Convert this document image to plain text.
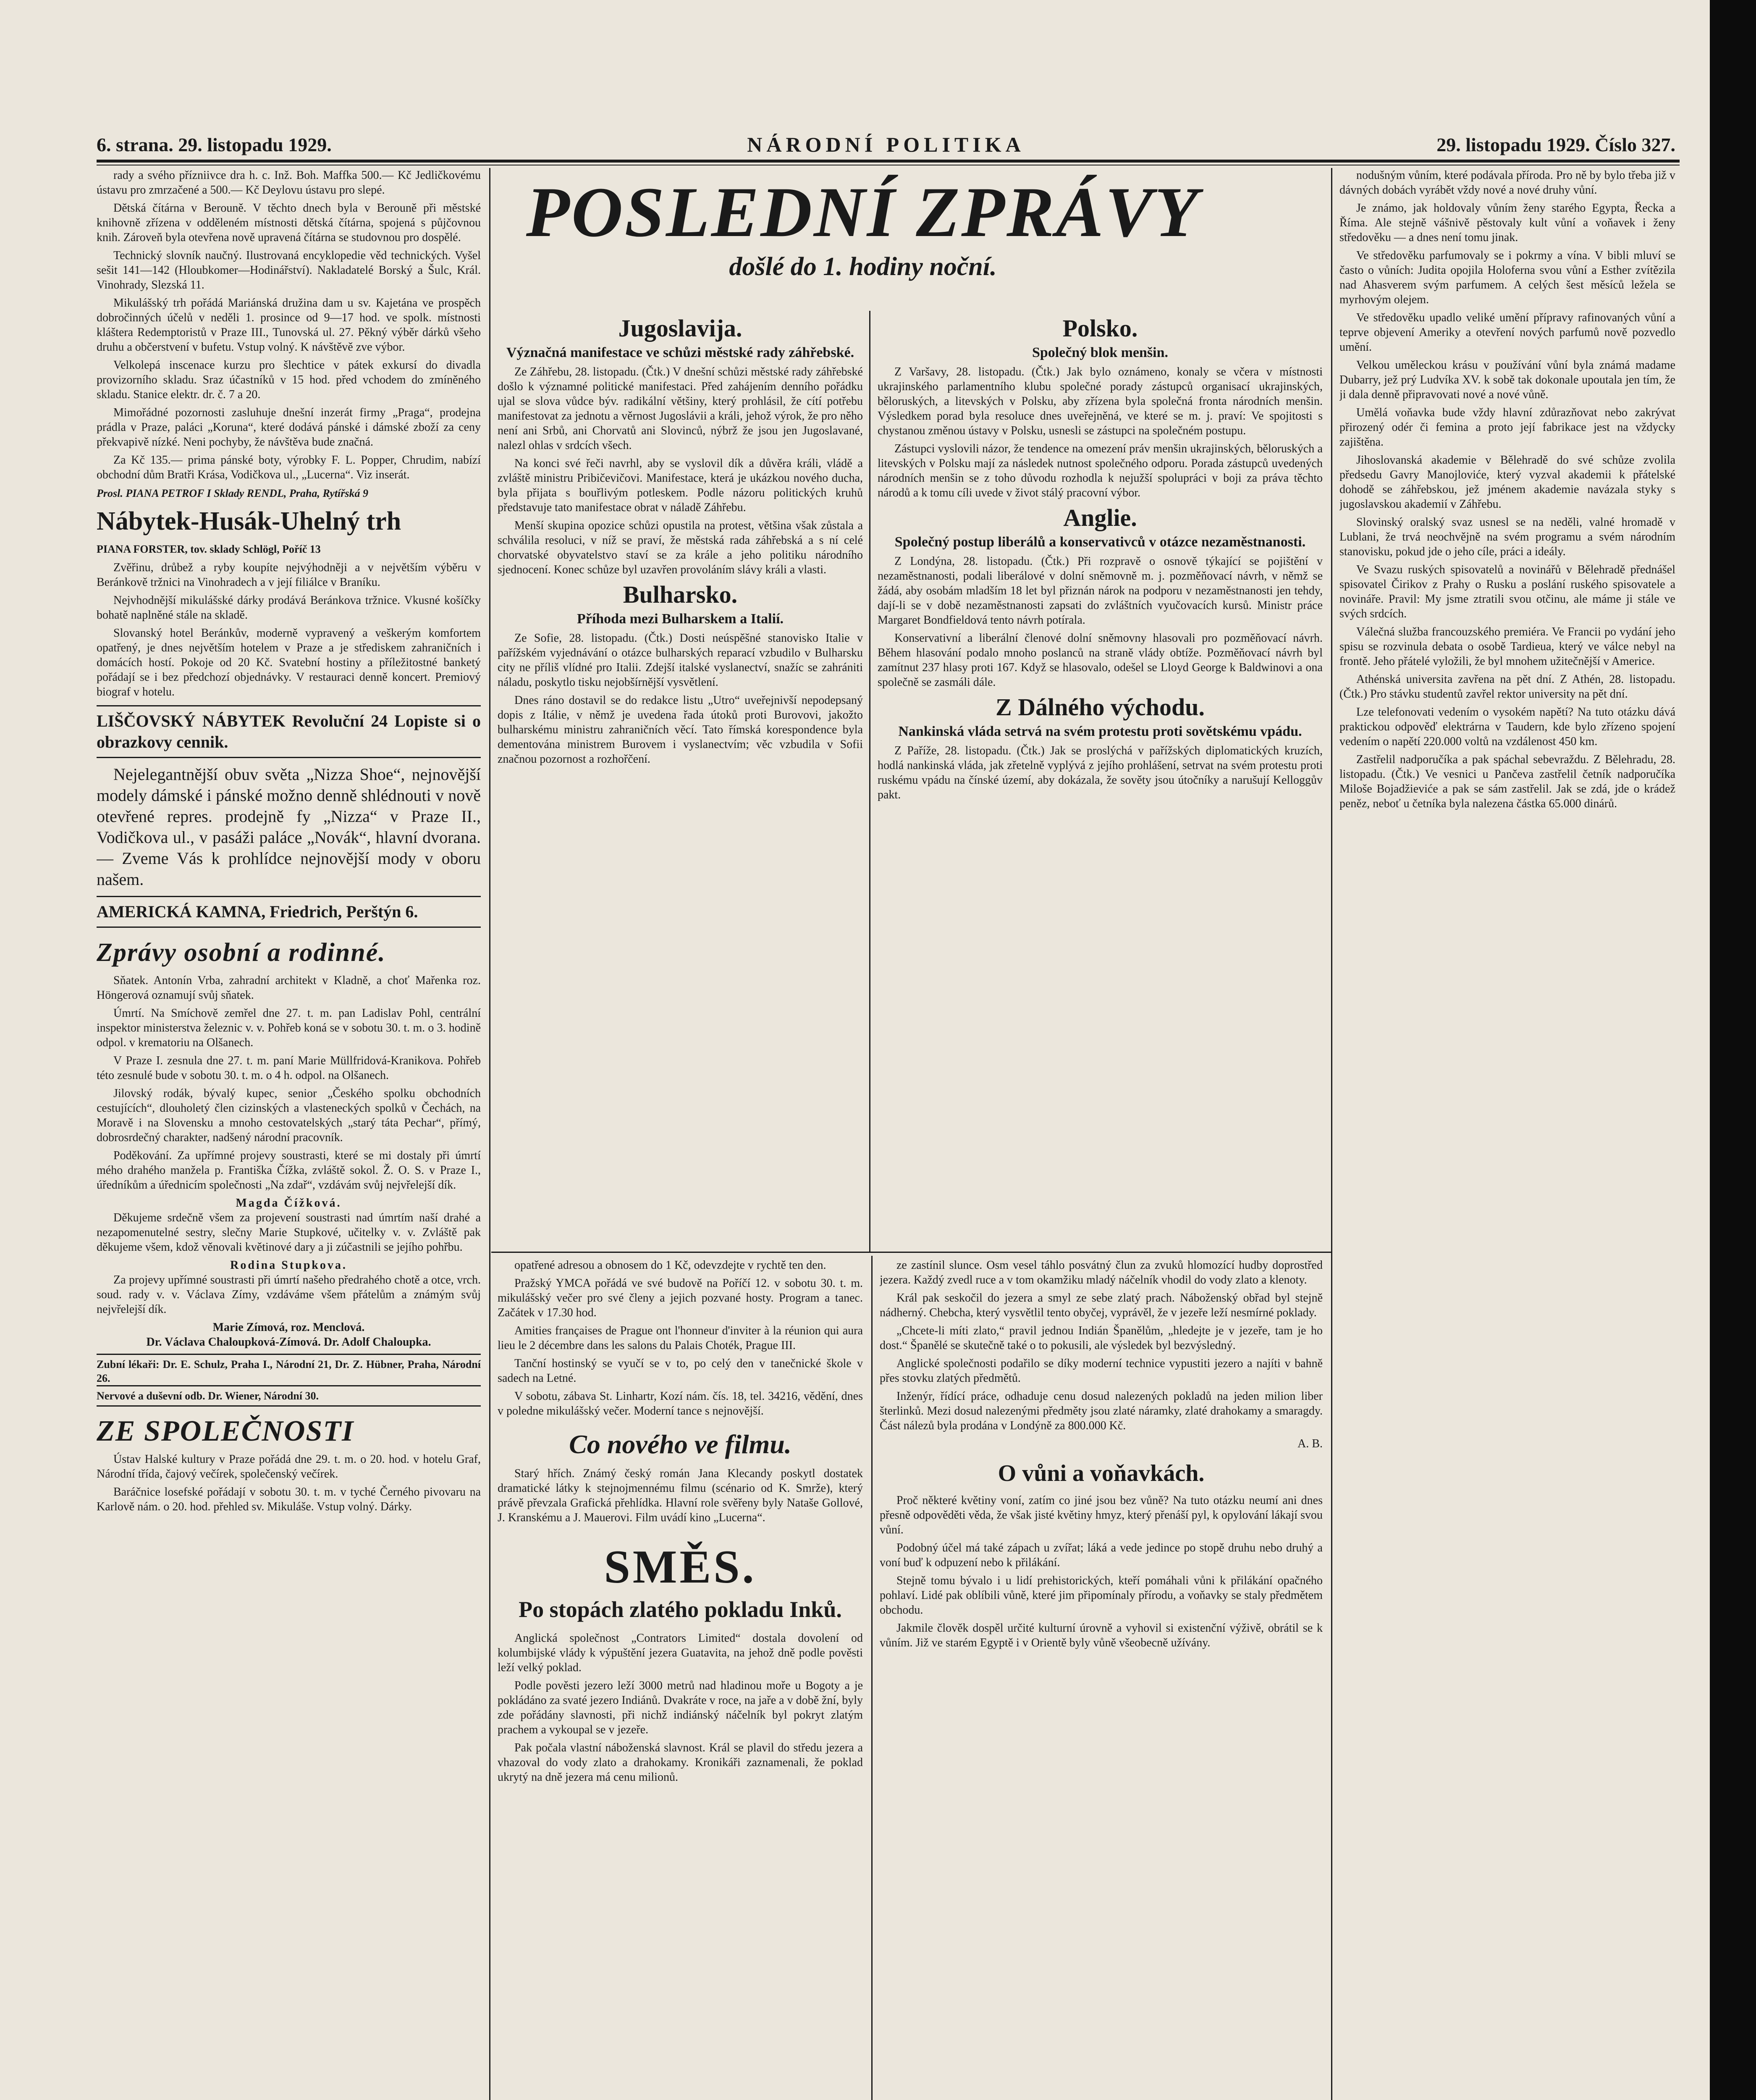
6. strana. 29. listopadu 1929.	NÁRODNÍ POLITIKA	29. listopadu 1929. Číslo 327.
POSLEDNÍ ZPRÁVY
došlé do 1. hodiny noční.

rady a svého přízniivce dra h. c. Inž. Boh. Maffka 500.— Kč Jedličkovému ústavu pro zmrzačené a 500.— Kč Deylovu ústavu pro slepé.

Dětská čítárna v Berouně. V těchto dnech byla v Berouně při městské knihovně zřízena v odděleném místnosti dětská čítárna, spojená s půjčovnou knih. Zároveň byla otevřena nově upravená čítárna se studovnou pro dospělé.

Technický slovník naučný. Ilustrovaná encyklopedie věd technických. Vyšel sešit 141—142 (Hloubkomer—Hodinářství). Nakladatelé Borský a Šulc, Král. Vinohrady, Slezská 11.

Mikulášský trh pořádá Mariánská družina dam u sv. Kajetána ve prospěch dobročinných účelů v neděli 1. prosince od 9—17 hod. ve spolk. místnosti kláštera Redemptoristů v Praze III., Tunovská ul. 27. Pěkný výběr dárků všeho druhu a občerstvení v bufetu. Vstup volný. K návštěvě zve výbor.

Velkolepá inscenace kurzu pro šlechtice v pátek exkursí do divadla provizorního skladu. Sraz účastníků v 15 hod. před vchodem do zmíněného skladu. Stanice elektr. dr. č. 7 a 20.

Mimořádné pozornosti zasluhuje dnešní inzerát firmy „Praga“, prodejna prádla v Praze, paláci „Koruna“, které dodává pánské i dámské zboží za ceny překvapivě nízké. Neni pochyby, že návštěva bude značná.

Za Kč 135.— prima pánské boty, výrobky F. L. Popper, Chrudim, nabízí obchodní dům Bratři Krása, Vodičkova ul., „Lucerna“. Viz inserát.

Prosl. PIANA PETROF I Sklady RENDL, Praha, Rytířská 9
Nábytek-Husák-Uhelný trh
PIANA FORSTER, tov. sklady Schlögl, Poříč 13

Zvěřinu, drůbež a ryby koupíte nejvýhodněji a v největším výběru v Beránkově tržnici na Vinohradech a v její filiálce v Braníku.

Nejvhodnější mikulášské dárky prodává Beránkova tržnice. Vkusné košíčky bohatě naplněné stále na skladě.

Slovanský hotel Beránkův, moderně vypravený a veškerým komfortem opatřený, je dnes největším hotelem v Praze a je střediskem zahraničních i domácích hostí. Pokoje od 20 Kč. Svatební hostiny a příležitostné banketý pořádají se i bez předchozí objednávky. V restauraci denně koncert. Premiový biograf v hotelu.

LIŠČOVSKÝ NÁBYTEK Revoluční 24 Lopiste si o obrazkovy cennik.

Nejelegantnější obuv světa „Nizza Shoe“, nejnovější modely dámské i pánské možno denně shlédnouti v nově otevřené repres. prodejně fy „Nizza“ v Praze II., Vodičkova ul., v pasáži paláce „Novák“, hlavní dvorana. — Zveme Vás k prohlídce nejnovější mody v oboru našem.

AMERICKÁ KAMNA, Friedrich, Perštýn 6.
Zprávy osobní a rodinné.

Sňatek. Antonín Vrba, zahradní architekt v Kladně, a choť Mařenka roz. Höngerová oznamují svůj sňatek.

Úmrtí. Na Smíchově zemřel dne 27. t. m. pan Ladislav Pohl, centrální inspektor ministerstva železnic v. v. Pohřeb koná se v sobotu 30. t. m. o 3. hodině odpol. v krematoriu na Olšanech.

V Praze I. zesnula dne 27. t. m. paní Marie Müllfridová-Kranikova. Pohřeb této zesnulé bude v sobotu 30. t. m. o 4 h. odpol. na Olšanech.

Jilovský rodák, bývalý kupec, senior „Českého spolku obchodních cestujících“, dlouholetý člen cizinských a vlasteneckých spolků v Čechách, na Moravě i na Slovensku a mnoho cestovatelských „starý táta Pechar“, přímý, dobrosrdečný charakter, nadšený národní pracovník.

Poděkování. Za upřímné projevy soustrasti, které se mi dostaly při úmrtí mého drahého manžela p. Františka Čížka, zvláště sokol. Ž. O. S. v Praze I., úředníkům a úřednicím společnosti „Na zdař“, vzdávám svůj nejvřelejší dík.

Magda Čížková.

Děkujeme srdečně všem za projevení soustrasti nad úmrtím naší drahé a nezapomenutelné sestry, slečny Marie Stupkové, učitelky v. v. Zvláště pak děkujeme všem, kdož věnovali květinové dary a ji zúčastnili se jejího pohřbu.

Rodina Stupkova.

Za projevy upřímné soustrasti při úmrtí našeho předrahého chotě a otce, vrch. soud. rady v. v. Václava Zímy, vzdáváme všem přátelům a známým svůj nejvřelejší dík.

Marie Zímová, roz. Menclová.
Dr. Václava Chaloupková-Zímová. Dr. Adolf Chaloupka.
Zubní lékaři: Dr. E. Schulz, Praha I., Národní 21, Dr. Z. Hübner, Praha, Národní 26.
Nervové a duševní odb. Dr. Wiener, Národní 30.
ZE SPOLEČNOSTI

Ústav Halské kultury v Praze pořádá dne 29. t. m. o 20. hod. v hotelu Graf, Národní třída, čajový večírek, společenský večírek.

Baráčnice losefské pořádají v sobotu 30. t. m. v tyché Černého pivovaru na Karlově nám. o 20. hod. přehled sv. Mikuláše. Vstup volný. Dárky.

Jugoslavija.
Význačná manifestace ve schůzi městské rady záhřebské.

Ze Záhřebu, 28. listopadu. (Čtk.) V dnešní schůzi městské rady záhřebské došlo k významné politické manifestaci. Před zahájením denního pořádku ujal se slova vůdce býv. radikální většiny, který prohlásil, že cítí potřebu manifestovat za jednotu a věrnost Jugoslávii a králi, jehož výrok, že pro něho není ani Srbů, ani Chorvatů ani Slovinců, nýbrž že jsou jen Jugoslavané, nalezl ohlas v srdcích všech.

Na konci své řeči navrhl, aby se vyslovil dík a důvěra králi, vládě a zvláště ministru Pribičevičovi. Manifestace, která je ukázkou nového ducha, byla přijata s bouřlivým potleskem. Podle názoru politických kruhů představuje tato manifestace obrat v náladě Záhřebu.

Menší skupina opozice schůzi opustila na protest, většina však zůstala a schválila resoluci, v níž se praví, že městská rada záhřebská a s ní celé chorvatské obyvatelstvo staví se za krále a jeho politiku národního sjednocení. Konec schůze byl uzavřen provoláním slávy králi a vlasti.

Bulharsko.
Příhoda mezi Bulharskem a Italií.

Ze Sofie, 28. listopadu. (Čtk.) Dosti neúspěšné stanovisko Italie v pařížském vyjednávání o otázce bulharských reparací vzbudilo v Bulharsku city ne příliš vlídné pro Italii. Zdejší italské vyslanectví, snažíc se zahrániti náladu, poskytlo tisku nejobšírnější vysvětlení.

Dnes ráno dostavil se do redakce listu „Utro“ uveřejnivší nepodepsaný dopis z Itálie, v němž je uvedena řada útoků proti Burovovi, jakožto bulharskému ministru zahraničních věcí. Tato římská korespondence byla dementována ministrem Burovem i vyslanectvím; věc vzbudila v Sofii značnou pozornost a rozhořčení.

Polsko.
Společný blok menšin.

Z Varšavy, 28. listopadu. (Čtk.) Jak bylo oznámeno, konaly se včera v místnosti ukrajinského parlamentního klubu společné porady zástupců organisací ukrajinských, běloruských, a litevských v Polsku, aby zřízena byla společná fronta národních menšin. Výsledkem porad byla resoluce dnes uveřejněná, ve které se m. j. praví: Ve spojitosti s chystanou změnou ústavy v Polsku, usnesli se zástupci na společném postupu.

Zástupci vyslovili názor, že tendence na omezení práv menšin ukrajinských, běloruských a litevských v Polsku mají za následek nutnost společného odporu. Porada zástupců uvedených národních menšin se z toho důvodu rozhodla k nejužší spolupráci v boji za práva těchto národů a k tomu cíli uvede v život stálý pracovní výbor.

Anglie.
Společný postup liberálů a konservativců v otázce nezaměstnanosti.

Z Londýna, 28. listopadu. (Čtk.) Při rozpravě o osnově týkající se pojištění v nezaměstnanosti, podali liberálové v dolní sněmovně m. j. pozměňovací návrh, v němž se žádá, aby osobám mladším 18 let byl přiznán nárok na podporu v nezaměstnanosti jen tehdy, dají-li se v době nezaměstnanosti zapsati do zvláštních vyučovacích kursů. Ministr práce Margaret Bondfieldová tento návrh potírala.

Konservativní a liberální členové dolní sněmovny hlasovali pro pozměňovací návrh. Během hlasování podalo mnoho poslanců na straně vlády obtíže. Pozměňovací návrh byl zamítnut 237 hlasy proti 167. Když se hlasovalo, odešel se Lloyd George k Baldwinovi a ona společně se zasmáli dále.

Z Dálného východu.
Nankinská vláda setrvá na svém protestu proti sovětskému vpádu.

Z Paříže, 28. listopadu. (Čtk.) Jak se proslýchá v pařížských diplomatických kruzích, hodlá nankinská vláda, jak zřetelně vyplývá z jejího prohlášení, setrvat na svém protestu proti ruskému vpádu na čínské území, aby dokázala, že sověty jsou útočníky a narušují Kelloggův pakt.

opatřené adresou a obnosem do 1 Kč, odevzdejte v rychtě ten den.

Pražský YMCA pořádá ve své budově na Poříčí 12. v sobotu 30. t. m. mikulášský večer pro své členy a jejich pozvané hosty. Program a tanec. Začátek v 17.30 hod.

Amities françaises de Prague ont l'honneur d'inviter à la réunion qui aura lieu le 2 décembre dans les salons du Palais Choték, Prague III.

Tanční hostinský se vyučí se v to, po celý den v tanečnické škole v sadech na Letné.

V sobotu, zábava St. Linhartr, Kozí nám. čís. 18, tel. 34216, vědění, dnes v poledne mikulášský večer. Moderní tance s nejnovější.

Co nového ve filmu.

Starý hřích. Známý český román Jana Klecandy poskytl dostatek dramatické látky k stejnojmennému filmu (scénario od K. Smrže), který právě převzala Grafická přehlídka. Hlavní role svěřeny byly Nataše Gollové, J. Kranskému a J. Mauerovi. Film uvádí kino „Lucerna“.

SMĚS.
Po stopách zlatého pokladu Inků.

Anglická společnost „Contrators Limited“ dostala dovolení od kolumbijské vlády k výpuštění jezera Guatavita, na jehož dně podle pověsti leží velký poklad.

Podle pověsti jezero leží 3000 metrů nad hladinou moře u Bogoty a je pokládáno za svaté jezero Indiánů. Dvakráte v roce, na jaře a v době žní, byly zde pořádány slavnosti, při nichž indiánský náčelník byl pokryt zlatým prachem a vykoupal se v jezeře.

Pak počala vlastní náboženská slavnost. Král se plavil do středu jezera a vhazoval do vody zlato a drahokamy. Kronikáři zaznamenali, že poklad ukrytý na dně jezera má cenu milionů.

ze zastínil slunce. Osm vesel táhlo posvátný člun za zvuků hlomozící hudby doprostřed jezera. Každý zvedl ruce a v tom okamžiku mladý náčelník vhodil do vody zlato a klenoty.

Král pak seskočil do jezera a smyl ze sebe zlatý prach. Náboženský obřad byl stejně nádherný. Chebcha, který vysvětlil tento obyčej, vyprávěl, že v jezeře leží nesmírné poklady.

„Chcete-li míti zlato,“ pravil jednou Indián Španělům, „hledejte je v jezeře, tam je ho dost.“ Španělé se skutečně také o to pokusili, ale výsledek byl bezvýsledný.

Anglické společnosti podařilo se díky moderní technice vypustiti jezero a najíti v bahně přes stovku zlatých předmětů.

Inženýr, řídící práce, odhaduje cenu dosud nalezených pokladů na jeden milion liber šterlinků. Mezi dosud nalezenými předměty jsou zlaté náramky, zlaté drahokamy a smaragdy. Část nálezů byla prodána v Londýně za 800.000 Kč.

A. B.
O vůni a voňavkách.

Proč některé květiny voní, zatím co jiné jsou bez vůně? Na tuto otázku neumí ani dnes přesně odpověděti věda, že však jisté květiny hmyz, který přenáší pyl, k opylování lákají svou vůní.

Podobný účel má také zápach u zvířat; láká a vede jedince po stopě druhu nebo druhý a voní buď k odpuzení nebo k přilákání.

Stejně tomu bývalo i u lidí prehistorických, kteří pomáhali vůni k přilákání opačného pohlaví. Lidé pak oblíbili vůně, které jim připomínaly přírodu, a voňavky se staly předmětem obchodu.

Jakmile člověk dospěl určité kulturní úrovně a vyhovil si existenční výživě, obrátil se k vůním. Již ve starém Egyptě i v Orientě byly vůně všeobecně užívány.

nodušným vůním, které podávala příroda. Pro ně by bylo třeba již v dávných dobách vyrábět vždy nové a nové druhy vůní.

Je známo, jak holdovaly vůním ženy starého Egypta, Řecka a Říma. Ale stejně vášnivě pěstovaly kult vůní a voňavek i ženy středověku — a dnes není tomu jinak.

Ve středověku parfumovaly se i pokrmy a vína. V bibli mluví se často o vůních: Judita opojila Holoferna svou vůní a Esther zvítězila nad Ahasverem svým parfumem. A celých šest měsíců ležela se myrhovým olejem.

Ve středověku upadlo veliké umění přípravy rafinovaných vůní a teprve objevení Ameriky a otevření nových parfumů nově pozvedlo umění.

Velkou uměleckou krásu v používání vůní byla známá madame Dubarry, jež prý Ludvíka XV. k sobě tak dokonale upoutala jen tím, že ji dala denně připravovati nové a nové vůně.

Umělá voňavka bude vždy hlavní zdůrazňovat nebo zakrývat přirozený odér či femina a proto její fabrikace jest na vždycky zajištěna.

Jihoslovanská akademie v Bělehradě do své schůze zvolila předsedu Gavry Manojloviće, který vyzval akademii k přátelské dohodě se záhřebskou, jež jménem akademie navázala styky s jugoslavskou akademií v Záhřebu.

Slovinský oralský svaz usnesl se na neděli, valné hromadě v Lublani, že trvá neochvějně na svém programu a svém národním stanovisku, pokud jde o jeho cíle, práci a ideály.

Ve Svazu ruských spisovatelů a novinářů v Bělehradě přednášel spisovatel Čirikov z Prahy o Rusku a poslání ruského spisovatele a novináře. Pravil: My jsme ztratili svou otčinu, ale máme ji stále ve svých srdcích.

Válečná služba francouzského premiéra. Ve Francii po vydání jeho spisu se rozvinula debata o osobě Tardieua, který ve válce nebyl na frontě. Jeho přátelé vyložili, že byl mnohem užitečnější v Americe.

Athénská universita zavřena na pět dní. Z Athén, 28. listopadu. (Čtk.) Pro stávku studentů zavřel rektor university na pět dní.

Lze telefonovati vedením o vysokém napětí? Na tuto otázku dává praktickou odpověď elektrárna v Taudern, kde bylo zřízeno spojení vedením o napětí 220.000 voltů na vzdálenost 450 km.

Zastřelil nadporučíka a pak spáchal sebevraždu. Z Bělehradu, 28. listopadu. (Čtk.) Ve vesnici u Pančeva zastřelil četník nadporučíka Miloše Bojadžieviće a pak se sám zastřelil. Jak se zdá, jde o krádež peněz, neboť u četníka byla nalezena částka 65.000 dinárů.
